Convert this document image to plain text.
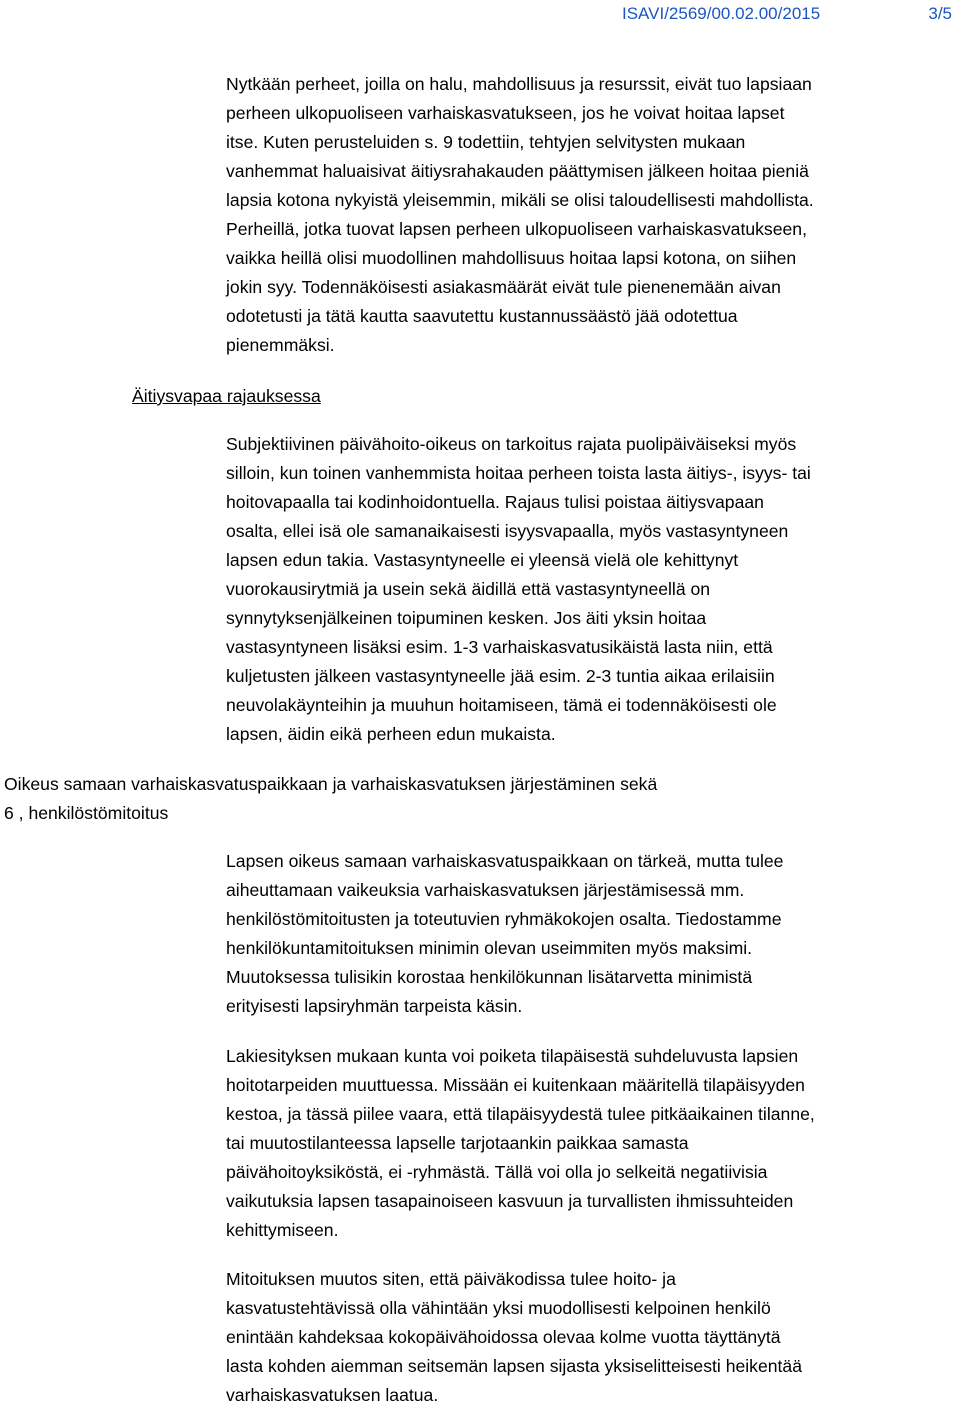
ISAVI/2569/00.02.00/2015	3/5
Nytkään perheet, joilla on halu, mahdollisuus ja resurssit, eivät tuo lapsiaan
perheen ulkopuoliseen varhaiskasvatukseen, jos he voivat hoitaa lapset
itse. Kuten perusteluiden s. 9 todettiin, tehtyjen selvitysten mukaan
vanhemmat haluaisivat äitiysrahakauden päättymisen jälkeen hoitaa pieniä
lapsia kotona nykyistä yleisemmin, mikäli se olisi taloudellisesti mahdollista.
Perheillä, jotka tuovat lapsen perheen ulkopuoliseen varhaiskasvatukseen,
vaikka heillä olisi muodollinen mahdollisuus hoitaa lapsi kotona, on siihen
jokin syy. Todennäköisesti asiakasmäärät eivät tule pienenemään aivan
odotetusti ja tätä kautta saavutettu kustannussäästö jää odotettua
pienemmäksi.
Äitiysvapaa rajauksessa
Subjektiivinen päivähoito-oikeus on tarkoitus rajata puolipäiväiseksi myös
silloin, kun toinen vanhemmista hoitaa perheen toista lasta äitiys-, isyys- tai
hoitovapaalla tai kodinhoidontuella. Rajaus tulisi poistaa äitiysvapaan
osalta, ellei isä ole samanaikaisesti isyysvapaalla, myös vastasyntyneen
lapsen edun takia. Vastasyntyneelle ei yleensä vielä ole kehittynyt
vuorokausirytmiä ja usein sekä äidillä että vastasyntyneellä on
synnytyksenjälkeinen toipuminen kesken. Jos äiti yksin hoitaa
vastasyntyneen lisäksi esim. 1-3 varhaiskasvatusikäistä lasta niin, että
kuljetusten jälkeen vastasyntyneelle jää esim. 2-3 tuntia aikaa erilaisiin
neuvolakäynteihin ja muuhun hoitamiseen, tämä ei todennäköisesti ole
lapsen, äidin eikä perheen edun mukaista.
Oikeus samaan varhaiskasvatuspaikkaan ja varhaiskasvatuksen järjestäminen sekä
6 , henkilöstömitoitus
Lapsen oikeus samaan varhaiskasvatuspaikkaan on tärkeä, mutta tulee
aiheuttamaan vaikeuksia varhaiskasvatuksen järjestämisessä mm.
henkilöstömitoitusten ja toteutuvien ryhmäkokojen osalta. Tiedostamme
henkilökuntamitoituksen minimin olevan useimmiten myös maksimi.
Muutoksessa tulisikin korostaa henkilökunnan lisätarvetta minimistä
erityisesti lapsiryhmän tarpeista käsin.
Lakiesityksen mukaan kunta voi poiketa tilapäisestä suhdeluvusta lapsien
hoitotarpeiden muuttuessa. Missään ei kuitenkaan määritellä tilapäisyyden
kestoa, ja tässä piilee vaara, että tilapäisyydestä tulee pitkäaikainen tilanne,
tai muutostilanteessa lapselle tarjotaankin paikkaa samasta
päivähoitoyksiköstä, ei -ryhmästä. Tällä voi olla jo selkeitä negatiivisia
vaikutuksia lapsen tasapainoiseen kasvuun ja turvallisten ihmissuhteiden
kehittymiseen.
Mitoituksen muutos siten, että päiväkodissa tulee hoito- ja
kasvatustehtävissä olla vähintään yksi muodollisesti kelpoinen henkilö
enintään kahdeksaa kokopäivähoidossa olevaa kolme vuotta täyttänytä
lasta kohden aiemman seitsemän lapsen sijasta yksiselitteisesti heikentää
varhaiskasvatuksen laatua.
